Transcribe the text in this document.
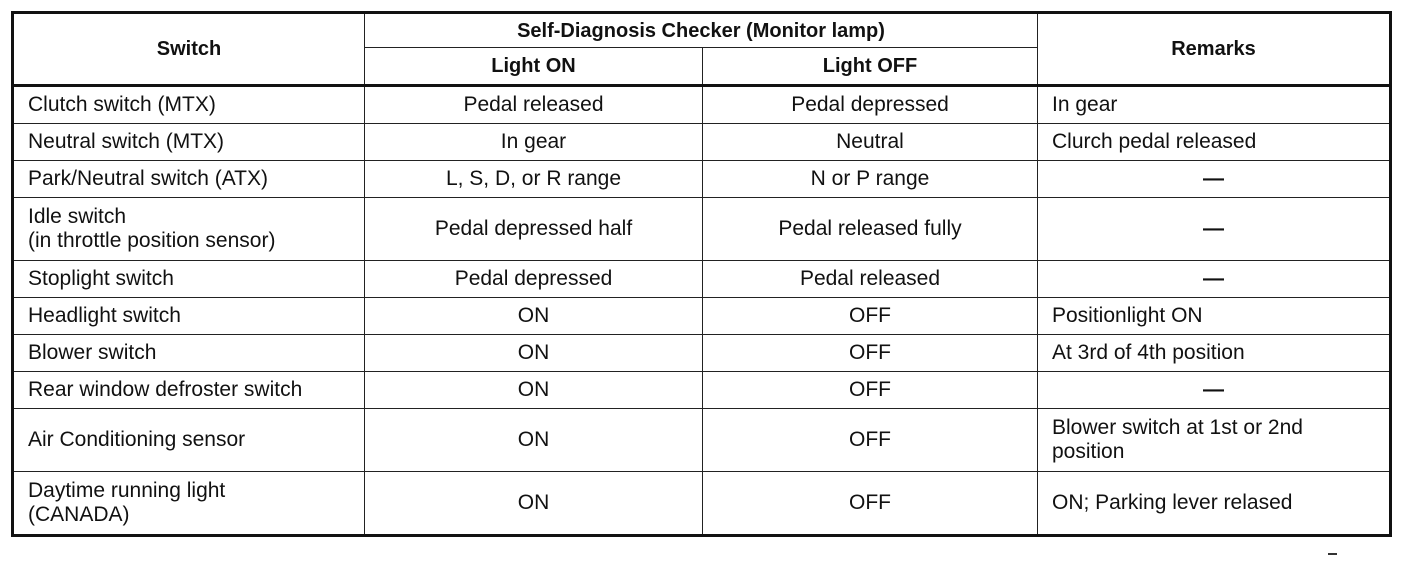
Switch	Self-Diagnosis Checker (Monitor lamp)		Remarks
	Light ON	Light OFF	
Clutch switch (MTX)	Pedal released	Pedal depressed	In gear
Neutral switch (MTX)	In gear	Neutral	Clurch pedal released
Park/Neutral switch (ATX)	L, S, D, or R range	N or P range	—

Idle switch
(in throttle position sensor)	Pedal depressed half	Pedal released fully	—
Stoplight switch	Pedal depressed	Pedal released	—
Headlight switch	ON	OFF	Positionlight ON
Blower switch	ON	OFF	At 3rd of 4th position
Rear window defroster switch	ON	OFF	—
Air Conditioning sensor	ON	OFF	Blower switch at 1st or 2nd
position

Daytime running light
(CANADA)	ON	OFF	ON; Parking lever relased
